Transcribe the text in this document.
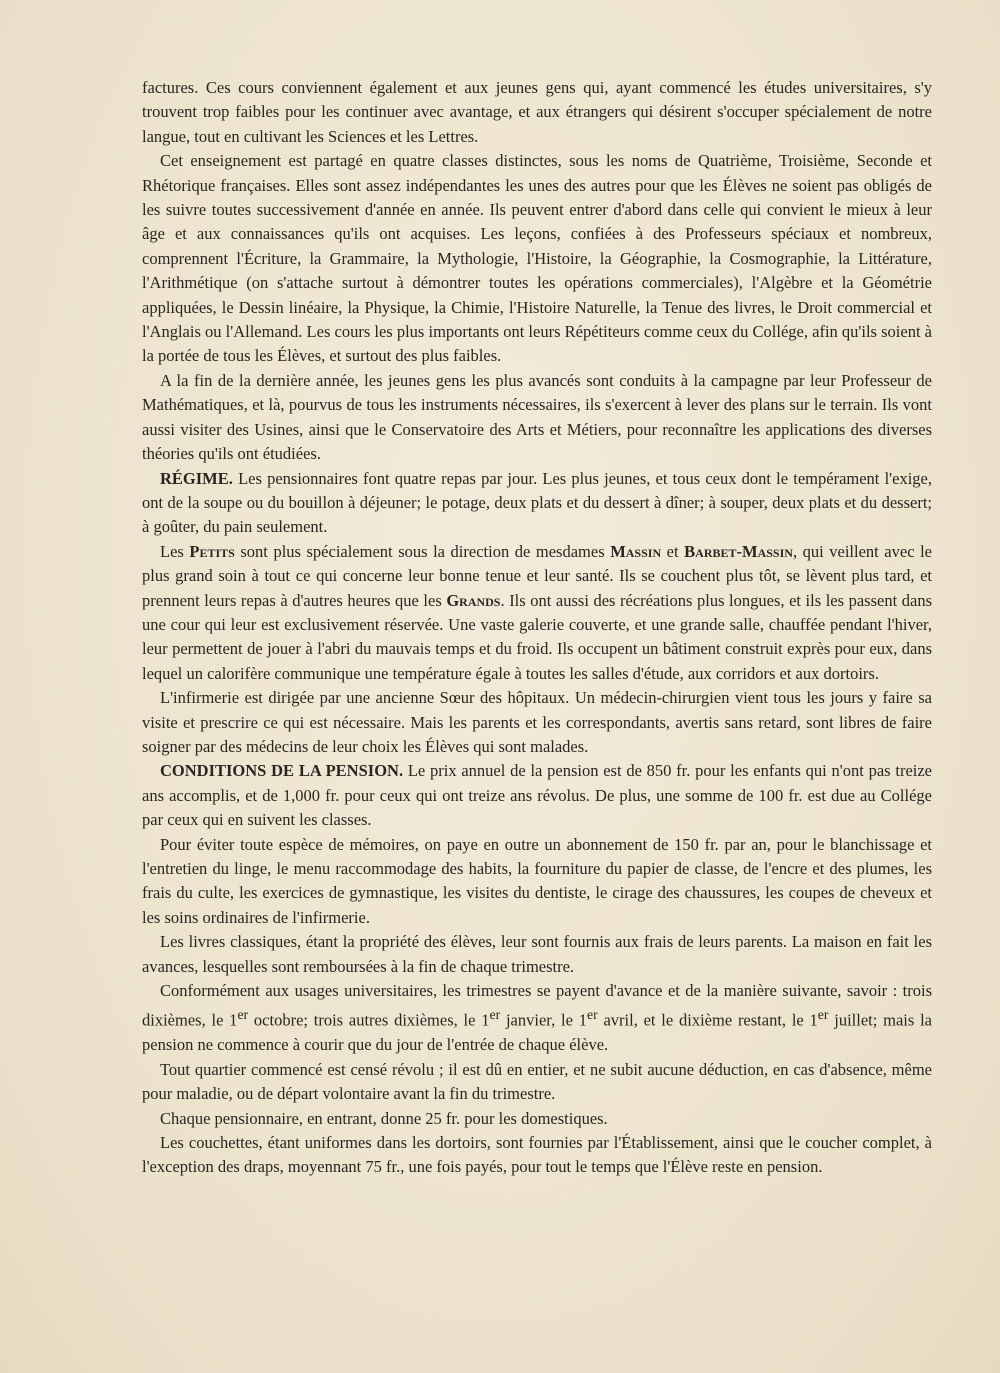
factures. Ces cours conviennent également et aux jeunes gens qui, ayant commencé les études universitaires, s'y trouvent trop faibles pour les continuer avec avantage, et aux étrangers qui désirent s'occuper spécialement de notre langue, tout en cultivant les Sciences et les Lettres.

Cet enseignement est partagé en quatre classes distinctes, sous les noms de Quatrième, Troisième, Seconde et Rhétorique françaises. Elles sont assez indépendantes les unes des autres pour que les Élèves ne soient pas obligés de les suivre toutes successivement d'année en année. Ils peuvent entrer d'abord dans celle qui convient le mieux à leur âge et aux connaissances qu'ils ont acquises. Les leçons, confiées à des Professeurs spéciaux et nombreux, comprennent l'Écriture, la Grammaire, la Mythologie, l'Histoire, la Géographie, la Cosmographie, la Littérature, l'Arithmétique (on s'attache surtout à démontrer toutes les opérations commerciales), l'Algèbre et la Géométrie appliquées, le Dessin linéaire, la Physique, la Chimie, l'Histoire Naturelle, la Tenue des livres, le Droit commercial et l'Anglais ou l'Allemand. Les cours les plus importants ont leurs Répétiteurs comme ceux du Collége, afin qu'ils soient à la portée de tous les Élèves, et surtout des plus faibles.

A la fin de la dernière année, les jeunes gens les plus avancés sont conduits à la campagne par leur Professeur de Mathématiques, et là, pourvus de tous les instruments nécessaires, ils s'exercent à lever des plans sur le terrain. Ils vont aussi visiter des Usines, ainsi que le Conservatoire des Arts et Métiers, pour reconnaître les applications des diverses théories qu'ils ont étudiées.

RÉGIME. Les pensionnaires font quatre repas par jour. Les plus jeunes, et tous ceux dont le tempérament l'exige, ont de la soupe ou du bouillon à déjeuner; le potage, deux plats et du dessert à dîner; à souper, deux plats et du dessert; à goûter, du pain seulement.

Les Petits sont plus spécialement sous la direction de mesdames Massin et Barbet-Massin, qui veillent avec le plus grand soin à tout ce qui concerne leur bonne tenue et leur santé. Ils se couchent plus tôt, se lèvent plus tard, et prennent leurs repas à d'autres heures que les Grands. Ils ont aussi des récréations plus longues, et ils les passent dans une cour qui leur est exclusivement réservée. Une vaste galerie couverte, et une grande salle, chauffée pendant l'hiver, leur permettent de jouer à l'abri du mauvais temps et du froid. Ils occupent un bâtiment construit exprès pour eux, dans lequel un calorifère communique une température égale à toutes les salles d'étude, aux corridors et aux dortoirs.

L'infirmerie est dirigée par une ancienne Sœur des hôpitaux. Un médecin-chirurgien vient tous les jours y faire sa visite et prescrire ce qui est nécessaire. Mais les parents et les correspondants, avertis sans retard, sont libres de faire soigner par des médecins de leur choix les Élèves qui sont malades.

CONDITIONS DE LA PENSION. Le prix annuel de la pension est de 850 fr. pour les enfants qui n'ont pas treize ans accomplis, et de 1,000 fr. pour ceux qui ont treize ans révolus. De plus, une somme de 100 fr. est due au Collége par ceux qui en suivent les classes.

Pour éviter toute espèce de mémoires, on paye en outre un abonnement de 150 fr. par an, pour le blanchissage et l'entretien du linge, le menu raccommodage des habits, la fourniture du papier de classe, de l'encre et des plumes, les frais du culte, les exercices de gymnastique, les visites du dentiste, le cirage des chaussures, les coupes de cheveux et les soins ordinaires de l'infirmerie.

Les livres classiques, étant la propriété des élèves, leur sont fournis aux frais de leurs parents. La maison en fait les avances, lesquelles sont remboursées à la fin de chaque trimestre.

Conformément aux usages universitaires, les trimestres se payent d'avance et de la manière suivante, savoir : trois dixièmes, le 1er octobre; trois autres dixièmes, le 1er janvier, le 1er avril, et le dixième restant, le 1er juillet; mais la pension ne commence à courir que du jour de l'entrée de chaque élève.

Tout quartier commencé est censé révolu ; il est dû en entier, et ne subit aucune déduction, en cas d'absence, même pour maladie, ou de départ volontaire avant la fin du trimestre.

Chaque pensionnaire, en entrant, donne 25 fr. pour les domestiques.

Les couchettes, étant uniformes dans les dortoirs, sont fournies par l'Établissement, ainsi que le coucher complet, à l'exception des draps, moyennant 75 fr., une fois payés, pour tout le temps que l'Élève reste en pension.
